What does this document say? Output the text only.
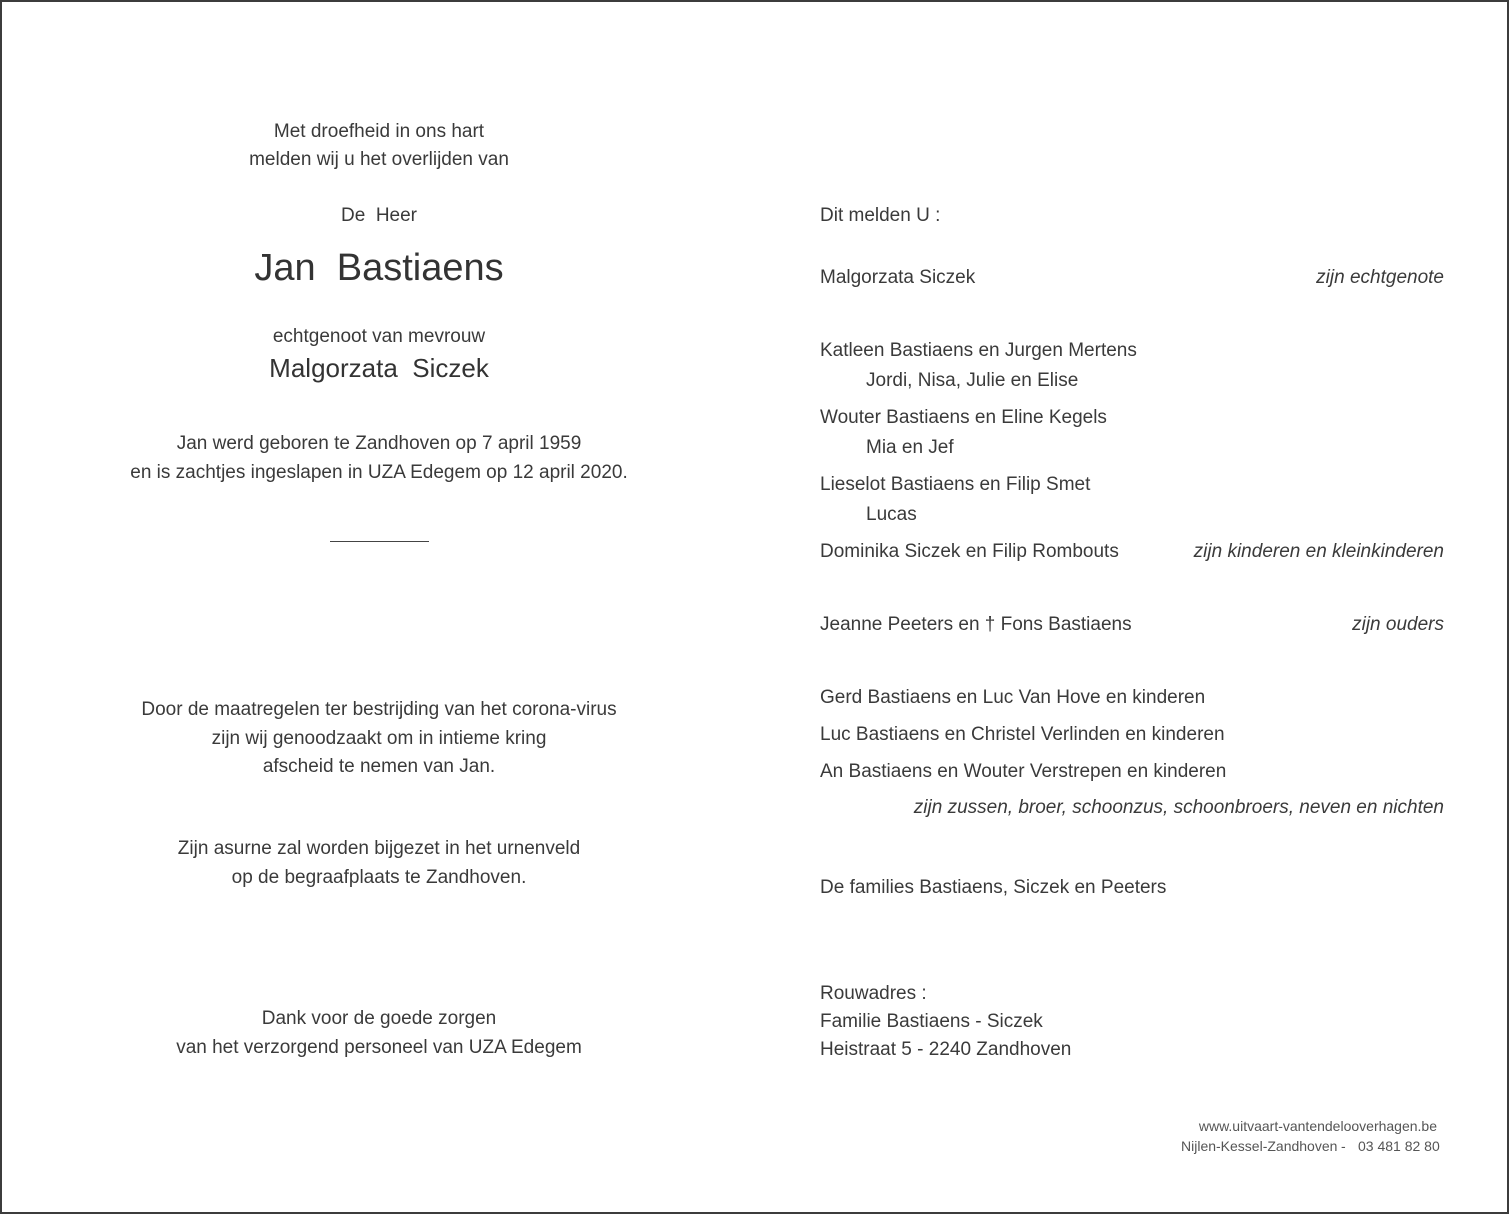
Met droefheid in ons hart
melden wij u het overlijden van
De  Heer
Jan  Bastiaens
echtgenoot van mevrouw
Malgorzata  Siczek
Jan werd geboren te Zandhoven op 7 april 1959
en is zachtjes ingeslapen in UZA Edegem op 12 april 2020.
Door de maatregelen ter bestrijding van het corona-virus
zijn wij genoodzaakt om in intieme kring
afscheid te nemen van Jan.
Zijn asurne zal worden bijgezet in het urnenveld
op de begraafplaats te Zandhoven.
Dank voor de goede zorgen
van het verzorgend personeel van UZA Edegem
Dit melden U :
Malgorzata Siczek	zijn echtgenote
Katleen Bastiaens en Jurgen Mertens
Jordi, Nisa, Julie en Elise
Wouter Bastiaens en Eline Kegels
Mia en Jef
Lieselot Bastiaens en Filip Smet
Lucas
Dominika Siczek en Filip Rombouts	zijn kinderen en kleinkinderen
Jeanne Peeters en † Fons Bastiaens	zijn ouders
Gerd Bastiaens en Luc Van Hove en kinderen
Luc Bastiaens en Christel Verlinden en kinderen
An Bastiaens en Wouter Verstrepen en kinderen
zijn zussen, broer, schoonzus, schoonbroers, neven en nichten
De families Bastiaens, Siczek en Peeters
Rouwadres :
Familie Bastiaens - Siczek
Heistraat 5 - 2240 Zandhoven
www.uitvaart-vantendelooverhagen.be
Nijlen-Kessel-Zandhoven - 03 481 82 80
